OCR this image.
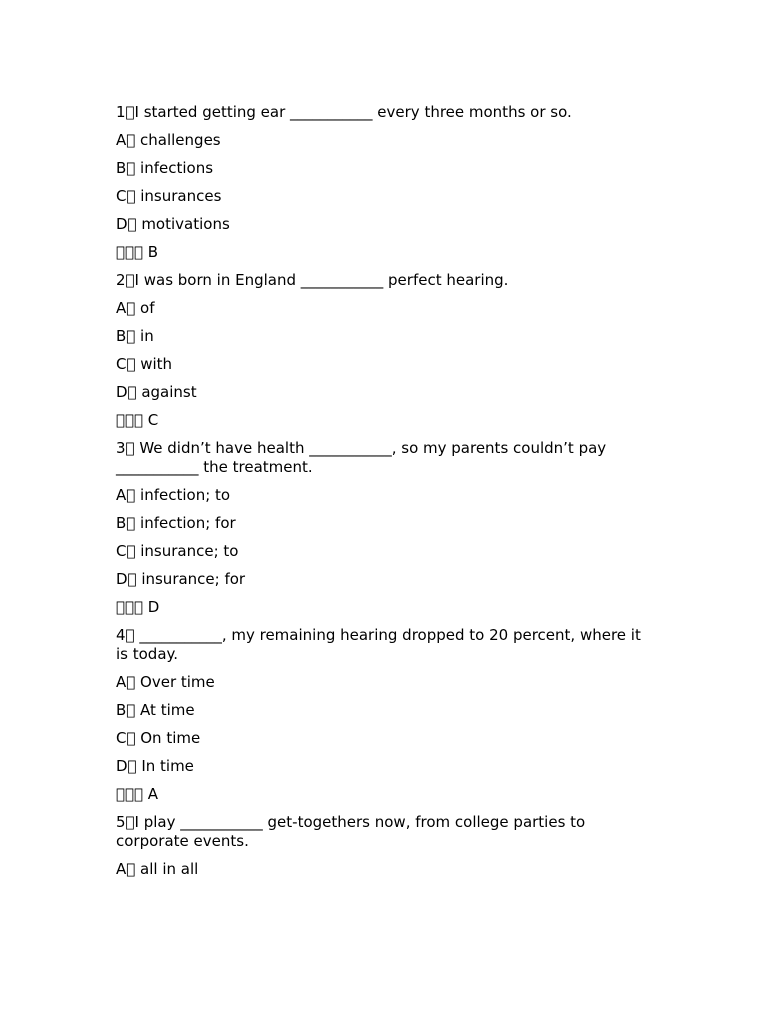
1 I started getting ear ___________ every three months or so.
A  challenges
B  infections
C  insurances
D  motivations
    B
2 I was born in England ___________ perfect hearing.
A  of
B  in
C  with
D  against
    C
3  We didn’t have health ___________, so my parents couldn’t pay ___________ the treatment.
A  infection; to
B  infection; for
C  insurance; to
D  insurance; for
    D
4  ___________, my remaining hearing dropped to 20 percent, where it is today.
A  Over time
B  At time
C  On time
D  In time
    A
5 I play ___________ get-togethers now, from college parties to corporate events.
A  all in all
